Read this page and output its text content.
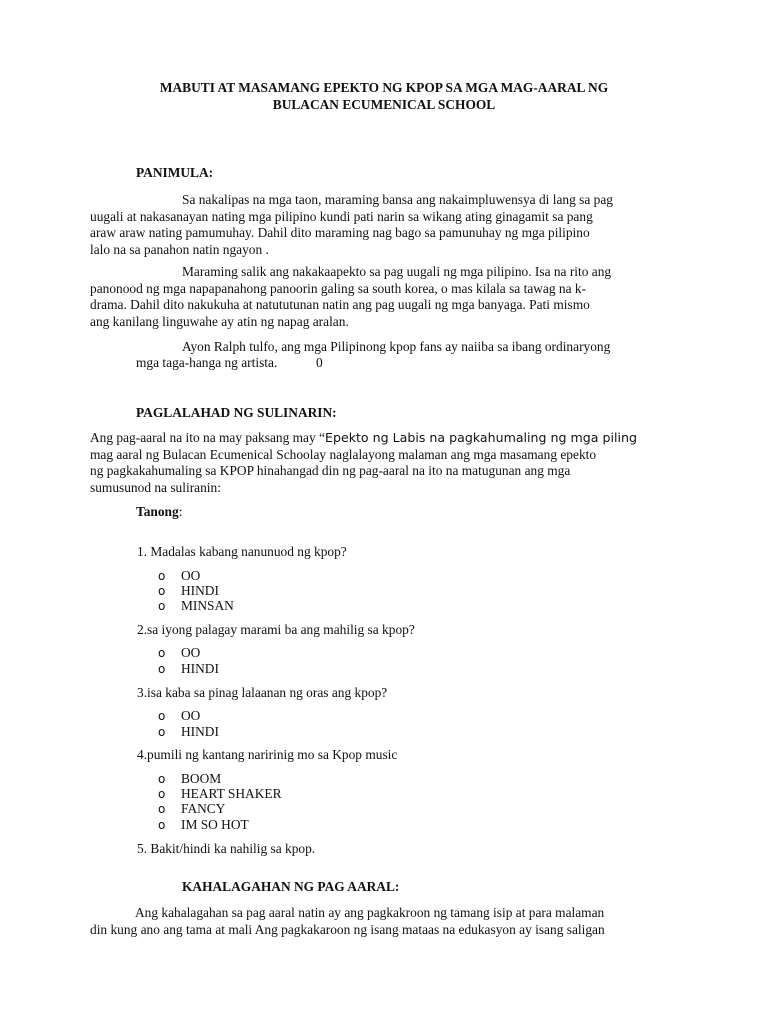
MABUTI AT MASAMANG EPEKTO NG KPOP SA MGA MAG-AARAL NG
BULACAN ECUMENICAL SCHOOL
PANIMULA:
Sa nakalipas na mga taon, maraming bansa ang nakaimpluwensya di lang sa pag
uugali at nakasanayan nating mga pilipino kundi pati narin sa wikang ating ginagamit sa pang
araw araw nating pamumuhay. Dahil dito maraming nag bago sa pamunuhay ng mga pilipino
lalo na sa panahon natin ngayon .
Maraming salik ang nakakaapekto sa pag uugali ng mga pilipino. Isa na rito ang
panonood ng mga napapanahong panoorin galing sa south korea, o mas kilala sa tawag na k-
drama. Dahil dito nakukuha at natututunan natin ang pag uugali ng mga banyaga. Pati mismo
ang kanilang linguwahe ay atin ng napag aralan.
Ayon Ralph tulfo, ang mga Pilipinong kpop fans ay naiiba sa ibang ordinaryong
mga taga-hanga ng artista.	0
PAGLALAHAD NG SULINARIN:
Ang pag-aaral na ito na may paksang may “Epekto ng Labis na pagkahumaling ng mga piling
mag aaral ng Bulacan Ecumenical Schoolay naglalayong malaman ang mga masamang epekto
ng pagkakahumaling sa KPOP hinahangad din ng pag-aaral na ito na matugunan ang mga
sumusunod na suliranin:
Tanong:
1. Madalas kabang nanunuod ng kpop?
o OO
o HINDI
o MINSAN
2.sa iyong palagay marami ba ang mahilig sa kpop?
o OO
o HINDI
3.isa kaba sa pinag lalaanan ng oras ang kpop?
o OO
o HINDI
4.pumili ng kantang naririnig mo sa Kpop music
o BOOM
o HEART SHAKER
o FANCY
o IM SO HOT
5. Bakit/hindi ka nahilig sa kpop.
KAHALAGAHAN NG PAG AARAL:
Ang kahalagahan sa pag aaral natin ay ang pagkakroon ng tamang isip at para malaman
din kung ano ang tama at mali Ang pagkakaroon ng isang mataas na edukasyon ay isang saligan
